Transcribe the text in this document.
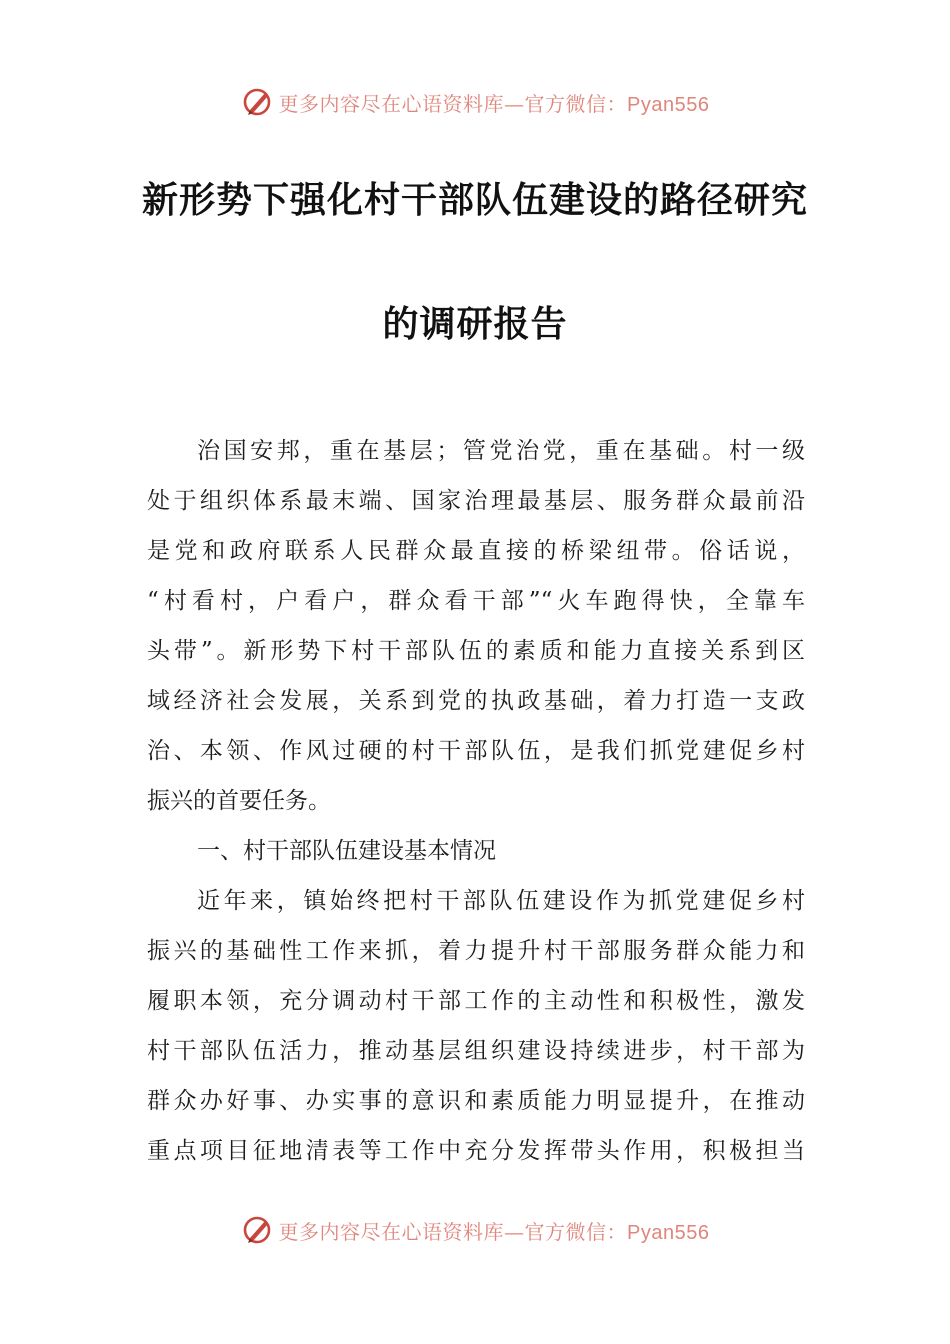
更多内容尽在心语资料库—官方微信：Pyan556
新形势下强化村干部队伍建设的路径研究
的调研报告
治国安邦，重在基层；管党治党，重在基础。村一级
处于组织体系最末端、国家治理最基层、服务群众最前沿
是党和政府联系人民群众最直接的桥梁纽带。俗话说，
“村看村，户看户，群众看干部”“火车跑得快，全靠车
头带”。新形势下村干部队伍的素质和能力直接关系到区
域经济社会发展，关系到党的执政基础，着力打造一支政
治、本领、作风过硬的村干部队伍，是我们抓党建促乡村
振兴的首要任务。
一、村干部队伍建设基本情况
近年来，镇始终把村干部队伍建设作为抓党建促乡村
振兴的基础性工作来抓，着力提升村干部服务群众能力和
履职本领，充分调动村干部工作的主动性和积极性，激发
村干部队伍活力，推动基层组织建设持续进步，村干部为
群众办好事、办实事的意识和素质能力明显提升，在推动
重点项目征地清表等工作中充分发挥带头作用，积极担当
更多内容尽在心语资料库—官方微信：Pyan556
